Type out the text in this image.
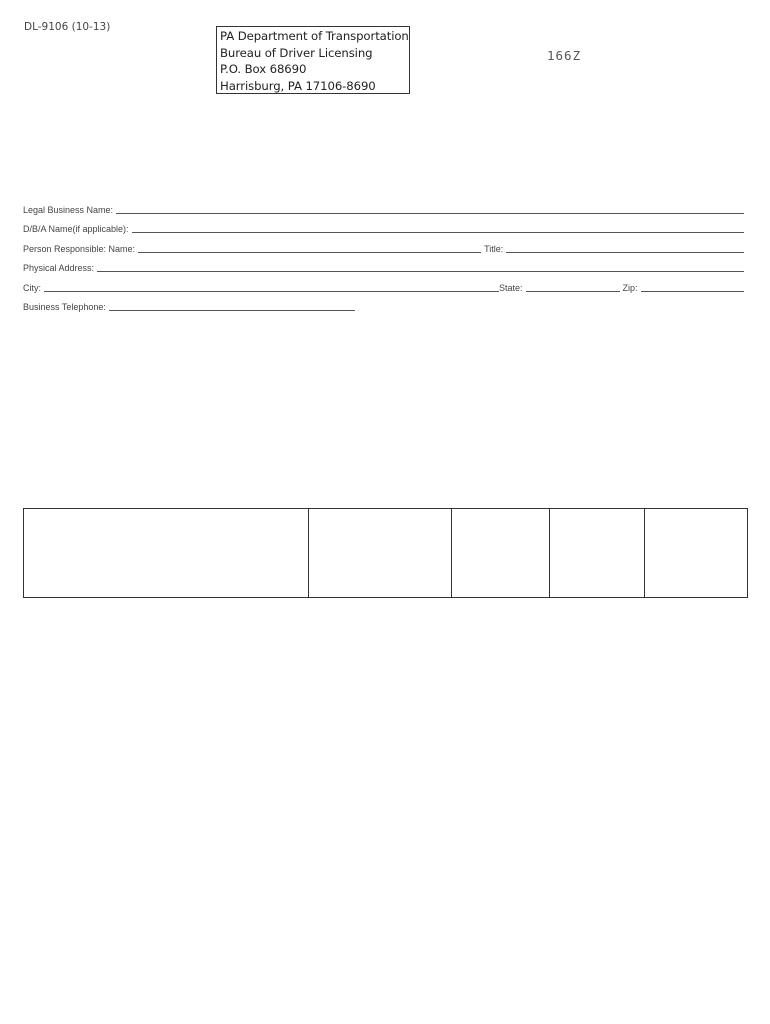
DL-9106 (10-13)
PA Department of Transportation
Bureau of Driver Licensing
P.O. Box 68690
Harrisburg, PA 17106-8690
166Z
Legal Business Name:
D/B/A Name(if applicable):
Person Responsible: Name:	Title:
Physical Address:
City:	State:	Zip:
Business Telephone:
